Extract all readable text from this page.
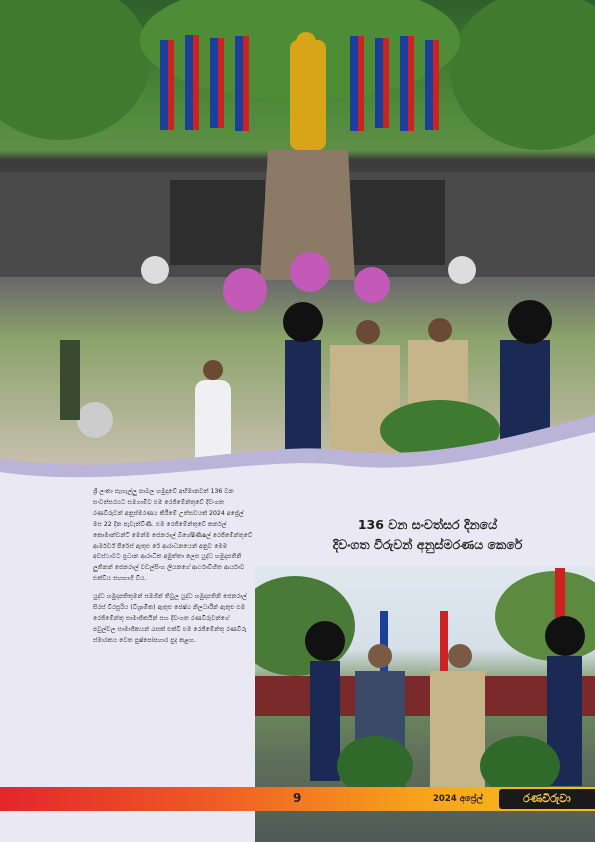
ශ්‍රී ලංකා සැහැල්ලු පාබල හමුදාවේ අභිමානවත් 136 වන සංවත්සරයට සමගාමීව එම රෙජිමේන්තුවේ දිවංගත රණවිරුවන් අනුස්මරණය කිරීමේ උත්සවයක් 2024 අප්‍රේල් මස 22 දින පැවැත්විණි. එම රෙජිමේන්තුවේ කර්නල් කොමාන්ඩන්ට් මෙන්ම ජෙනරාල් බිශේෂිණිෂල් රෙජිමේන්තුවේ ආර්මර්ඩ් පීරේස් ඇතුළු රේ ආරාධනයෙන් අනුව මෙම අවස්ථාවට ප්‍රධාන ආරාධිත අමුත්තා ලෙස යුද්ධ හමුදාපතිනි ලුතිනන් ජෙනරාල් වඩල්සිංහ ලියනගේ ආර්ථාවිහිත ආර්යාව එක්විය සහභාගි විය.

යුද්ධ හමුදාපතිතුමන් සමගින් තිවුල යුද්ධ හමුදාපතිනි ජෙනරාල් සිරස් විරසූරිය (විශ්‍රාමික) ඇතුළු ජෙෂ්ඨ නිලධාරීන් ඇතුළු එම රෙජිමේන්තු සාමාජිකයින් සහ දිවංගත රණවිරුවන්ගේ පවුල්වල සාමාජිකයන් රැසක් එක්වී එම රෙජිමේන්තු රණවිරු ස්මාරකය වෙත පුෂ්පෝපහාර පුද කළහ.

136 වන සංවත්සර දිනයේ
දිවංගත විරුවන් අනුස්මරණය කෙරේ
9	2024 අප්‍රේල්	රණවිරුවා
